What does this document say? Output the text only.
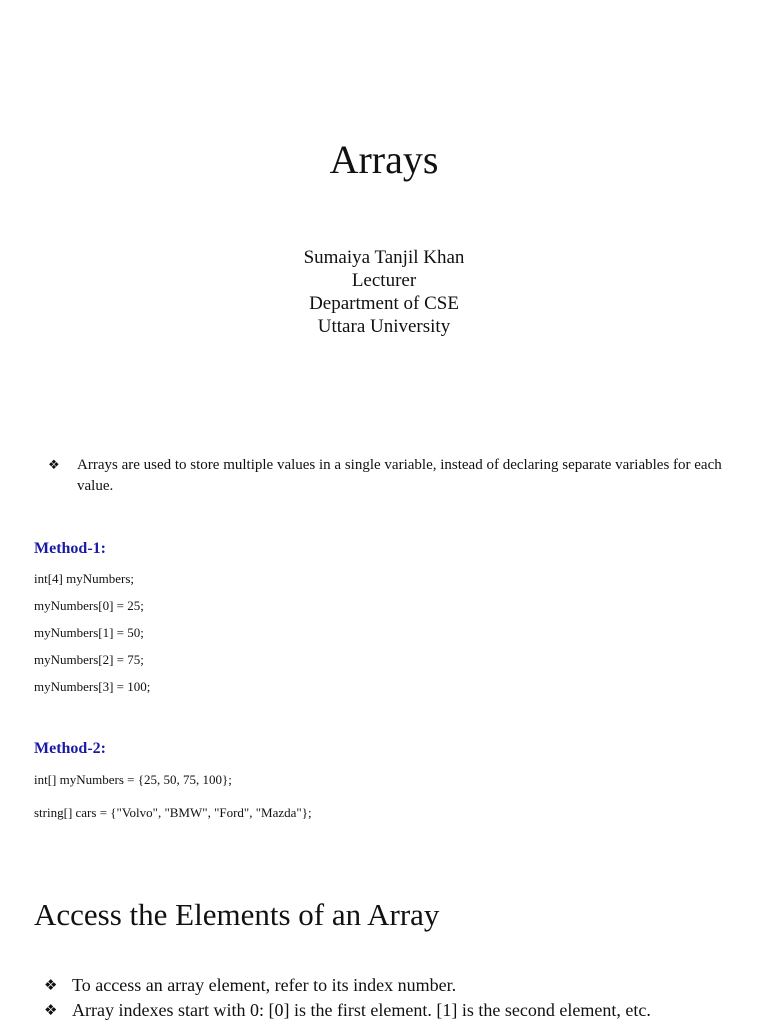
Arrays
Sumaiya Tanjil Khan
Lecturer
Department of CSE
Uttara University
❖ Arrays are used to store multiple values in a single variable, instead of declaring separate variables for each value.
Method-1:
int[4] myNumbers;
myNumbers[0] = 25;
myNumbers[1] = 50;
myNumbers[2] = 75;
myNumbers[3] = 100;
Method-2:
int[] myNumbers = {25, 50, 75, 100};
string[] cars = {"Volvo", "BMW", "Ford", "Mazda"};
Access the Elements of an Array
❖ To access an array element, refer to its index number.
❖ Array indexes start with 0: [0] is the first element. [1] is the second element, etc.
